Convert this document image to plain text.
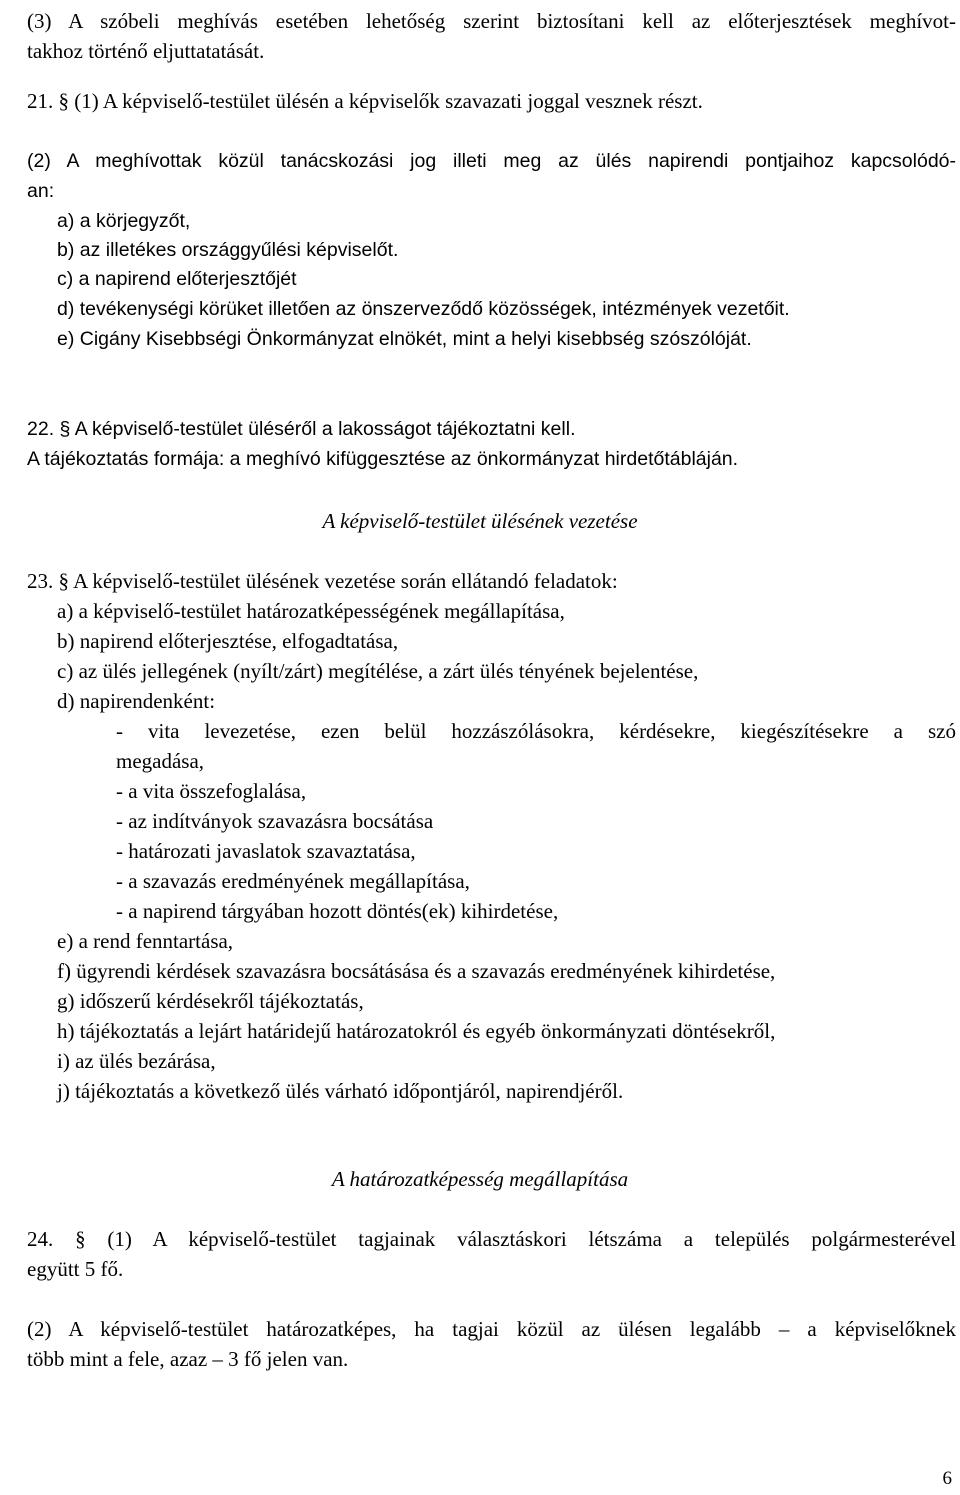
(3) A szóbeli meghívás esetében lehetőség szerint biztosítani kell az előterjesztések meghívot-
takhoz történő eljuttatatását.
21. § (1) A képviselő-testület ülésén a képviselők szavazati joggal vesznek részt.
(2) A meghívottak közül tanácskozási jog illeti meg az ülés napirendi pontjaihoz kapcsolódó-
an:
a) a körjegyzőt,
b) az illetékes országgyűlési képviselőt.
c) a napirend előterjesztőjét
d) tevékenységi körüket illetően az önszerveződő közösségek, intézmények vezetőit.
e) Cigány Kisebbségi Önkormányzat elnökét, mint a helyi kisebbség szószólóját.
22. § A képviselő-testület üléséről a lakosságot tájékoztatni kell.
A tájékoztatás formája: a meghívó kifüggesztése az önkormányzat hirdetőtábláján.
A képviselő-testület ülésének vezetése
23. § A képviselő-testület ülésének vezetése során ellátandó feladatok:
a) a képviselő-testület határozatképességének megállapítása,
b) napirend előterjesztése, elfogadtatása,
c) az ülés jellegének (nyílt/zárt) megítélése, a zárt ülés tényének bejelentése,
d) napirendenként:
- vita levezetése, ezen belül hozzászólásokra, kérdésekre, kiegészítésekre a szó
megadása,
- a vita összefoglalása,
- az indítványok szavazásra bocsátása
- határozati javaslatok szavaztatása,
- a szavazás eredményének megállapítása,
- a napirend tárgyában hozott döntés(ek) kihirdetése,
e) a rend fenntartása,
f) ügyrendi kérdések szavazásra bocsátásása és a szavazás eredményének kihirdetése,
g) időszerű kérdésekről tájékoztatás,
h) tájékoztatás a lejárt határidejű határozatokról és egyéb önkormányzati döntésekről,
i) az ülés bezárása,
j) tájékoztatás a következő ülés várható időpontjáról, napirendjéről.
A határozatképesség megállapítása
24. § (1) A képviselő-testület tagjainak választáskori létszáma a település polgármesterével
együtt 5 fő.
(2) A képviselő-testület határozatképes, ha tagjai közül az ülésen legalább – a képviselőknek
több mint a fele, azaz – 3 fő jelen van.
6
